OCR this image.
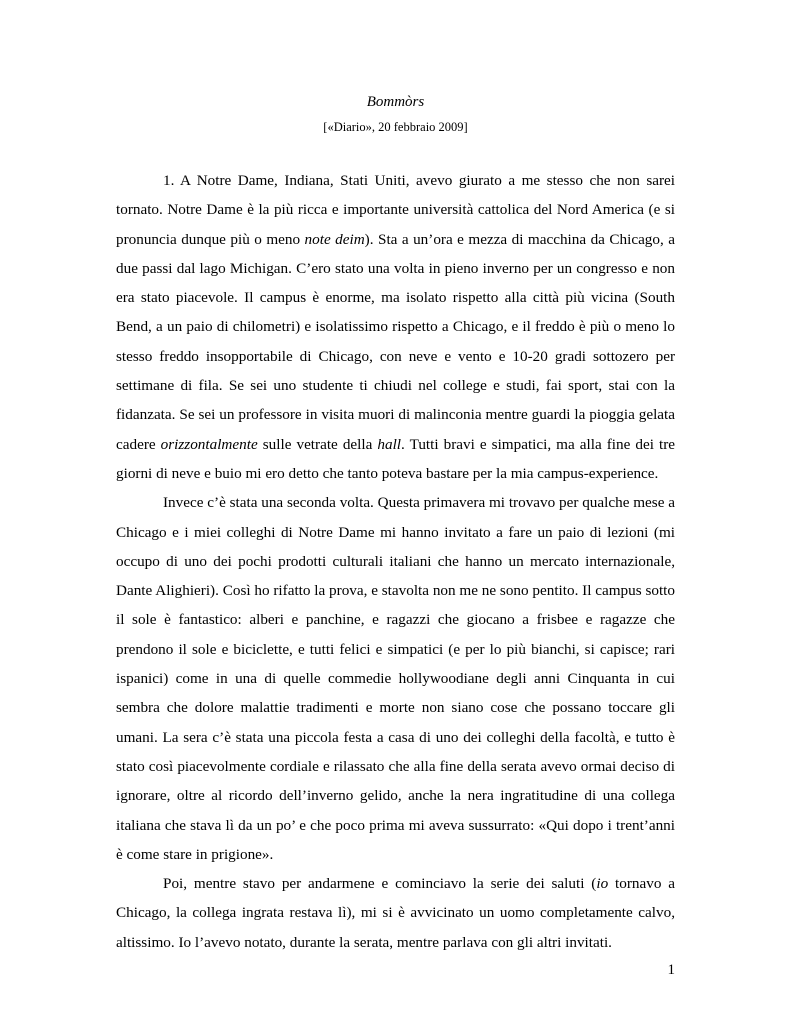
Bommòrs
[«Diario», 20 febbraio 2009]

1. A Notre Dame, Indiana, Stati Uniti, avevo giurato a me stesso che non sarei tornato. Notre Dame è la più ricca e importante università cattolica del Nord America (e si pronuncia dunque più o meno note deim). Sta a un’ora e mezza di macchina da Chicago, a due passi dal lago Michigan. C’ero stato una volta in pieno inverno per un congresso e non era stato piacevole. Il campus è enorme, ma isolato rispetto alla città più vicina (South Bend, a un paio di chilometri) e isolatissimo rispetto a Chicago, e il freddo è più o meno lo stesso freddo insopportabile di Chicago, con neve e vento e 10-20 gradi sottozero per settimane di fila. Se sei uno studente ti chiudi nel college e studi, fai sport, stai con la fidanzata. Se sei un professore in visita muori di malinconia mentre guardi la pioggia gelata cadere orizzontalmente sulle vetrate della hall. Tutti bravi e simpatici, ma alla fine dei tre giorni di neve e buio mi ero detto che tanto poteva bastare per la mia campus-experience.

Invece c’è stata una seconda volta. Questa primavera mi trovavo per qualche mese a Chicago e i miei colleghi di Notre Dame mi hanno invitato a fare un paio di lezioni (mi occupo di uno dei pochi prodotti culturali italiani che hanno un mercato internazionale, Dante Alighieri). Così ho rifatto la prova, e stavolta non me ne sono pentito. Il campus sotto il sole è fantastico: alberi e panchine, e ragazzi che giocano a frisbee e ragazze che prendono il sole e biciclette, e tutti felici e simpatici (e per lo più bianchi, si capisce; rari ispanici) come in una di quelle commedie hollywoodiane degli anni Cinquanta in cui sembra che dolore malattie tradimenti e morte non siano cose che possano toccare gli umani. La sera c’è stata una piccola festa a casa di uno dei colleghi della facoltà, e tutto è stato così piacevolmente cordiale e rilassato che alla fine della serata avevo ormai deciso di ignorare, oltre al ricordo dell’inverno gelido, anche la nera ingratitudine di una collega italiana che stava lì da un po’ e che poco prima mi aveva sussurrato: «Qui dopo i trent’anni è come stare in prigione».

Poi, mentre stavo per andarmene e cominciavo la serie dei saluti (io tornavo a Chicago, la collega ingrata restava lì), mi si è avvicinato un uomo completamente calvo, altissimo. Io l’avevo notato, durante la serata, mentre parlava con gli altri invitati.

1
